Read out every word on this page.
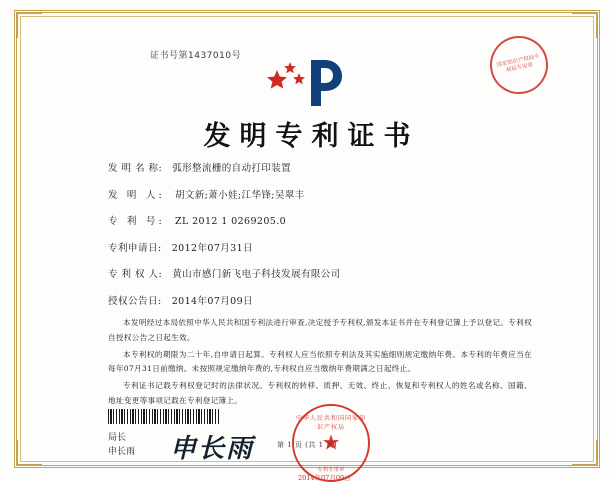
证书号第1437010号	国家知识产权局专利局专用章
发明专利证书
发 明 名 称: 弧形整流栅的自动打印装置
发 明 人: 胡文新;萧小娃;江华锋;吴翠丰
专 利 号: ZL 2012 1 0269205.0
专利申请日: 2012年07月31日
专 利 权 人: 黄山市感门新飞电子科技发展有限公司
授权公告日: 2014年07月09日

本发明经过本局依照中华人民共和国专利法进行审查,决定授予专利权,颁发本证书并在专利登记簿上予以登记。专利权自授权公告之日起生效。

本专利权的期限为二十年,自申请日起算。专利权人应当依照专利法及其实施细则规定缴纳年费。本专利的年费应当在每年07月31日前缴纳。未按照规定缴纳年费的,专利权自应当缴纳年费期满之日起终止。

专利证书记载专利权登记时的法律状况。专利权的转移、质押、无效、终止、恢复和专利权人的姓名或名称、国籍、地址变更等事项记载在专利登记簿上。

局长
申长雨 申长雨
中华人民共和国国家知识产权局
★
专利专用章
2014年07月09日
第 1 页 (共 1 页)
